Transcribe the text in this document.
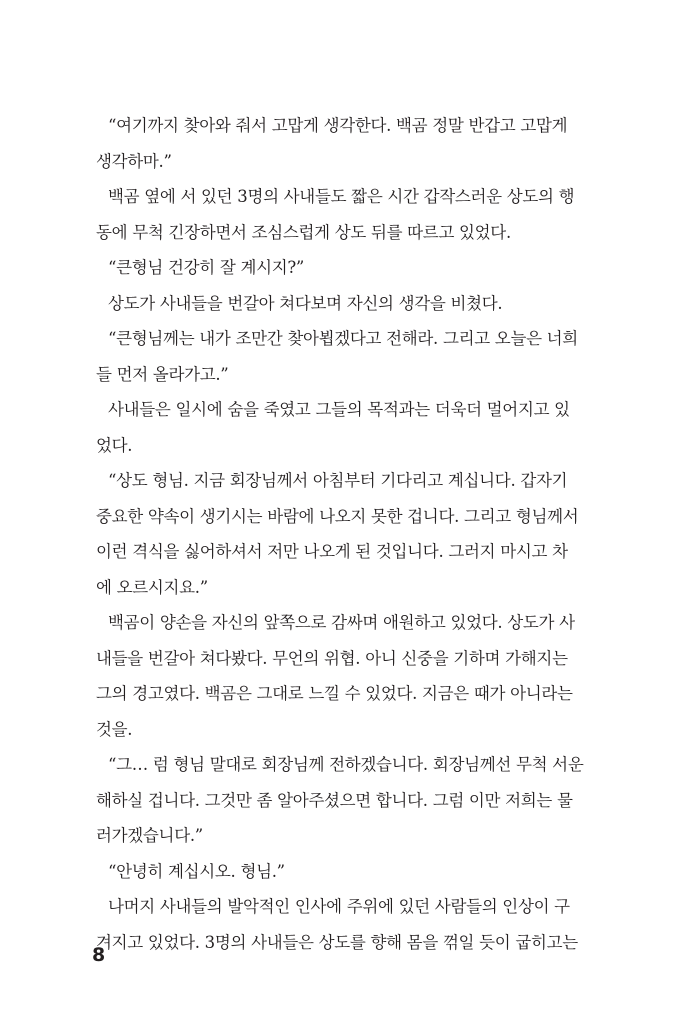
“여기까지 찾아와 줘서 고맙게 생각한다. 백곰 정말 반갑고 고맙게
생각하마.”
백곰 옆에 서 있던 3명의 사내들도 짧은 시간 갑작스러운 상도의 행
동에 무척 긴장하면서 조심스럽게 상도 뒤를 따르고 있었다.
“큰형님 건강히 잘 계시지?”
상도가 사내들을 번갈아 쳐다보며 자신의 생각을 비쳤다.
“큰형님께는 내가 조만간 찾아뵙겠다고 전해라. 그리고 오늘은 너희
들 먼저 올라가고.”
사내들은 일시에 숨을 죽였고 그들의 목적과는 더욱더 멀어지고 있
었다.
“상도 형님. 지금 회장님께서 아침부터 기다리고 계십니다. 갑자기
중요한 약속이 생기시는 바람에 나오지 못한 겁니다. 그리고 형님께서
이런 격식을 싫어하셔서 저만 나오게 된 것입니다. 그러지 마시고 차
에 오르시지요.”
백곰이 양손을 자신의 앞쪽으로 감싸며 애원하고 있었다. 상도가 사
내들을 번갈아 쳐다봤다. 무언의 위협. 아니 신중을 기하며 가해지는
그의 경고였다. 백곰은 그대로 느낄 수 있었다. 지금은 때가 아니라는
것을.
“그… 럼 형님 말대로 회장님께 전하겠습니다. 회장님께선 무척 서운
해하실 겁니다. 그것만 좀 알아주셨으면 합니다. 그럼 이만 저희는 물
러가겠습니다.”
“안녕히 계십시오. 형님.”
나머지 사내들의 발악적인 인사에 주위에 있던 사람들의 인상이 구
겨지고 있었다. 3명의 사내들은 상도를 향해 몸을 꺾일 듯이 굽히고는
8
